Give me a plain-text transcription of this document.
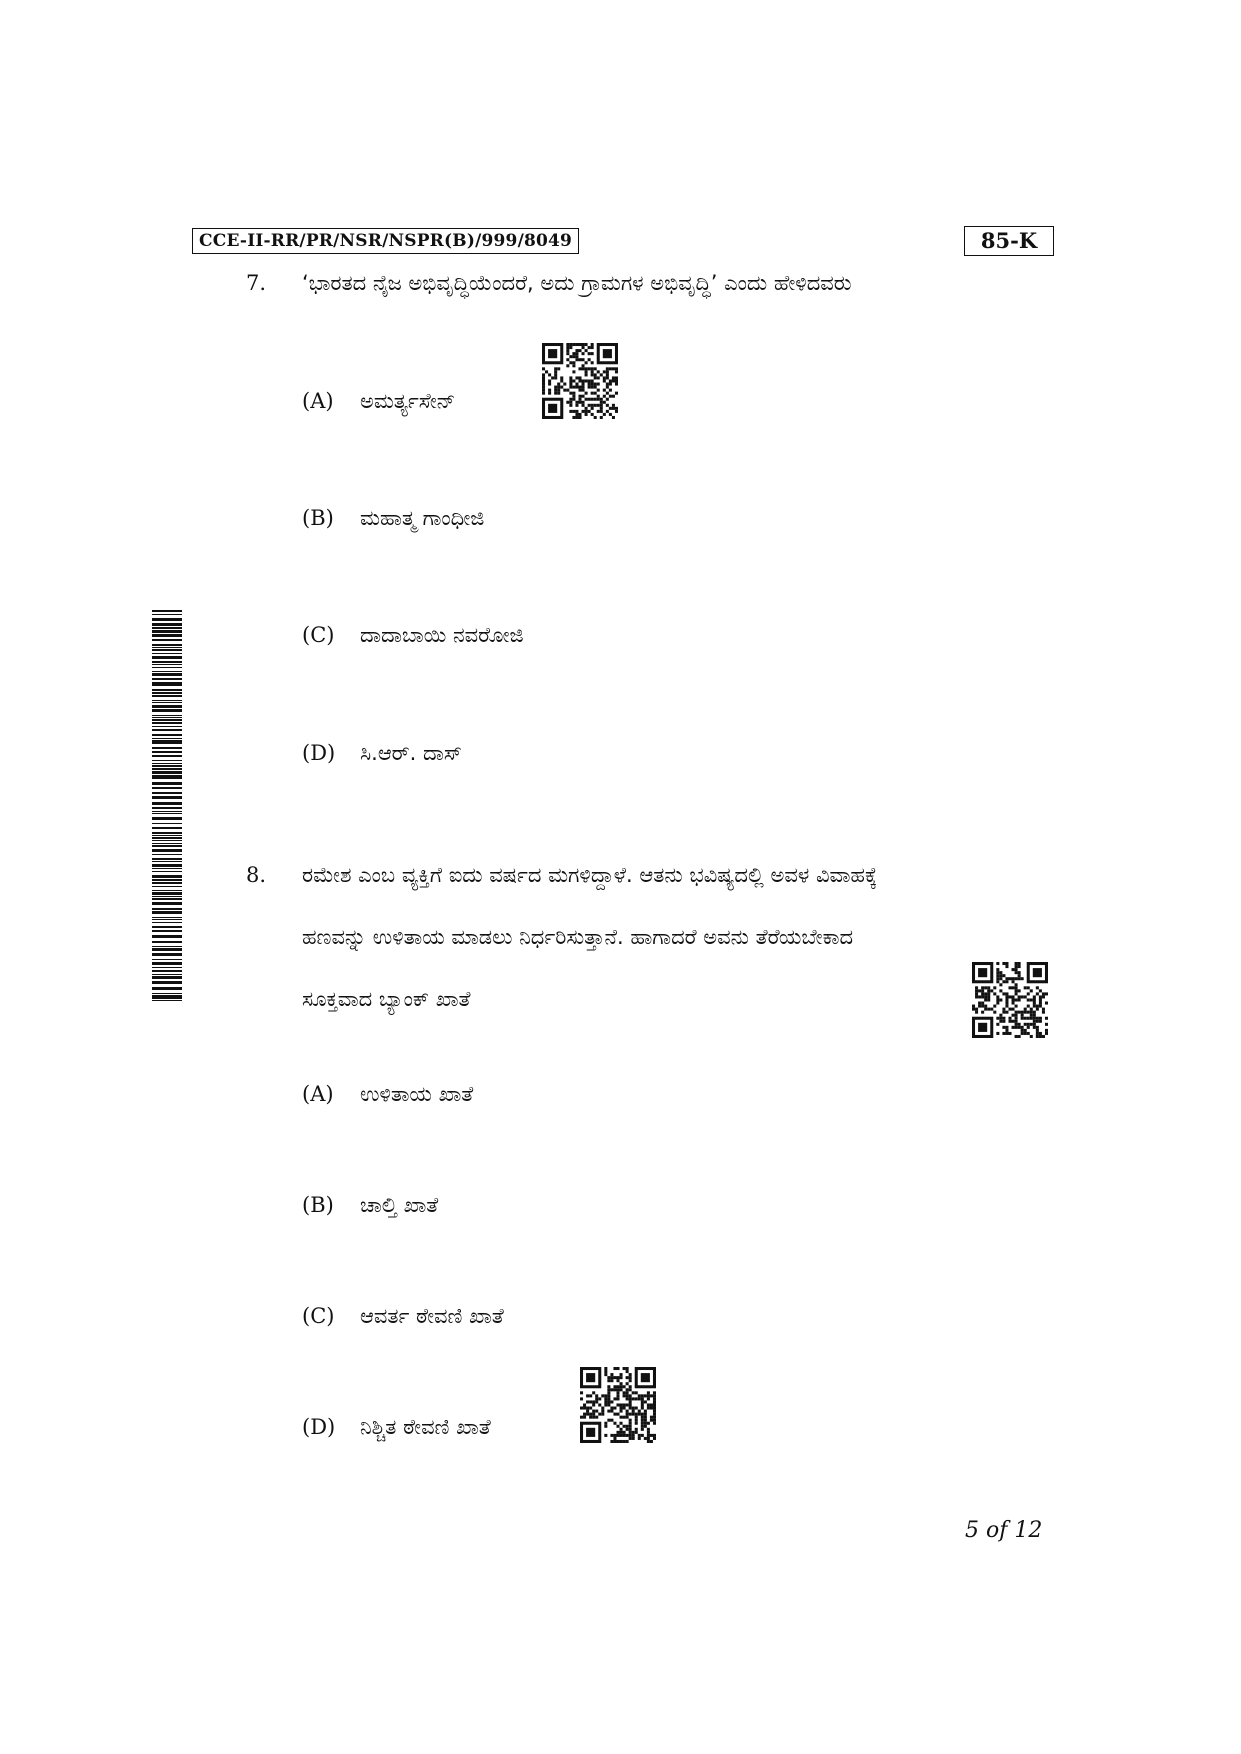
CCE-II-RR/PR/NSR/NSPR(B)/999/8049	85-K
7. ‘ಭಾರತದ ನೈಜ ಅಭಿವೃದ್ಧಿಯೆಂದರೆ, ಅದು ಗ್ರಾಮಗಳ ಅಭಿವೃದ್ಧಿ’ ಎಂದು ಹೇಳಿದವರು
(A) ಅಮರ್ತ್ಯಸೇನ್
(B) ಮಹಾತ್ಮ ಗಾಂಧೀಜಿ
(C) ದಾದಾಬಾಯಿ ನವರೋಜಿ
(D) ಸಿ.ಆರ್. ದಾಸ್
8. ರಮೇಶ ಎಂಬ ವ್ಯಕ್ತಿಗೆ ಐದು ವರ್ಷದ ಮಗಳಿದ್ದಾಳೆ. ಆತನು ಭವಿಷ್ಯದಲ್ಲಿ ಅವಳ ವಿವಾಹಕ್ಕೆ
ಹಣವನ್ನು ಉಳಿತಾಯ ಮಾಡಲು ನಿರ್ಧರಿಸುತ್ತಾನೆ. ಹಾಗಾದರೆ ಅವನು ತೆರೆಯಬೇಕಾದ
ಸೂಕ್ತವಾದ ಬ್ಯಾಂಕ್ ಖಾತೆ
(A) ಉಳಿತಾಯ ಖಾತೆ
(B) ಚಾಲ್ತಿ ಖಾತೆ
(C) ಆವರ್ತ ಠೇವಣಿ ಖಾತೆ
(D) ನಿಶ್ಚಿತ ಠೇವಣಿ ಖಾತೆ
5 of 12
